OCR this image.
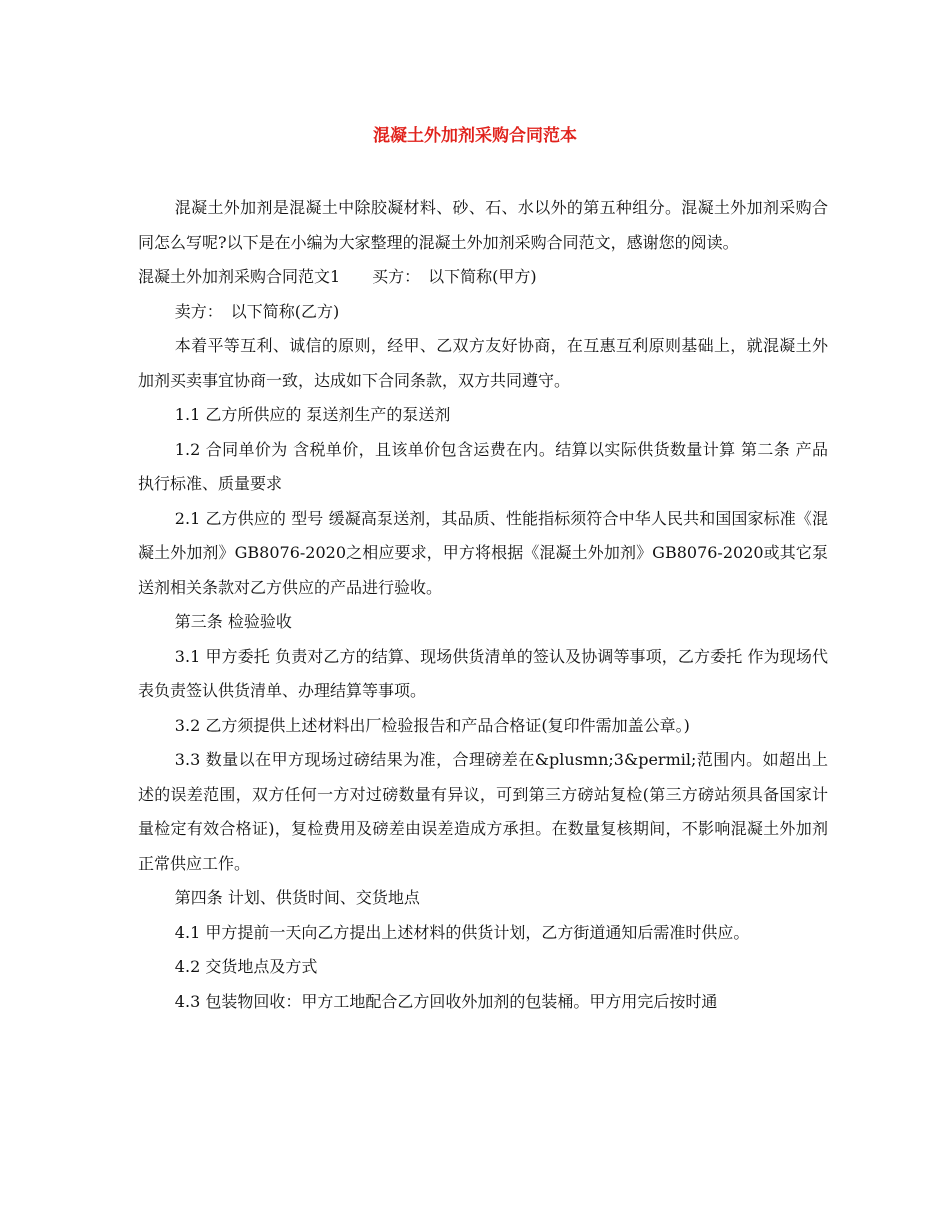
混凝土外加剂采购合同范本

混凝土外加剂是混凝土中除胶凝材料、砂、石、水以外的第五种组分。混凝土外加剂采购合同怎么写呢?以下是在小编为大家整理的混凝土外加剂采购合同范文，感谢您的阅读。

混凝土外加剂采购合同范文1　　买方：　以下简称(甲方)

卖方：　以下简称(乙方)

本着平等互利、诚信的原则，经甲、乙双方友好协商，在互惠互利原则基础上，就混凝土外加剂买卖事宜协商一致，达成如下合同条款，双方共同遵守。

1.1 乙方所供应的 泵送剂生产的泵送剂

1.2 合同单价为 含税单价，且该单价包含运费在内。结算以实际供货数量计算 第二条 产品执行标准、质量要求

2.1 乙方供应的 型号 缓凝高泵送剂，其品质、性能指标须符合中华人民共和国国家标准《混凝土外加剂》GB8076-2020之相应要求，甲方将根据《混凝土外加剂》GB8076-2020或其它泵送剂相关条款对乙方供应的产品进行验收。

第三条 检验验收

3.1 甲方委托 负责对乙方的结算、现场供货清单的签认及协调等事项，乙方委托 作为现场代表负责签认供货清单、办理结算等事项。

3.2 乙方须提供上述材料出厂检验报告和产品合格证(复印件需加盖公章。)

3.3 数量以在甲方现场过磅结果为准，合理磅差在&plusmn;3&permil;范围内。如超出上述的误差范围，双方任何一方对过磅数量有异议，可到第三方磅站复检(第三方磅站须具备国家计量检定有效合格证)，复检费用及磅差由误差造成方承担。在数量复核期间，不影响混凝土外加剂正常供应工作。

第四条 计划、供货时间、交货地点

4.1 甲方提前一天向乙方提出上述材料的供货计划，乙方街道通知后需准时供应。

4.2 交货地点及方式

4.3 包装物回收：甲方工地配合乙方回收外加剂的包装桶。甲方用完后按时通
